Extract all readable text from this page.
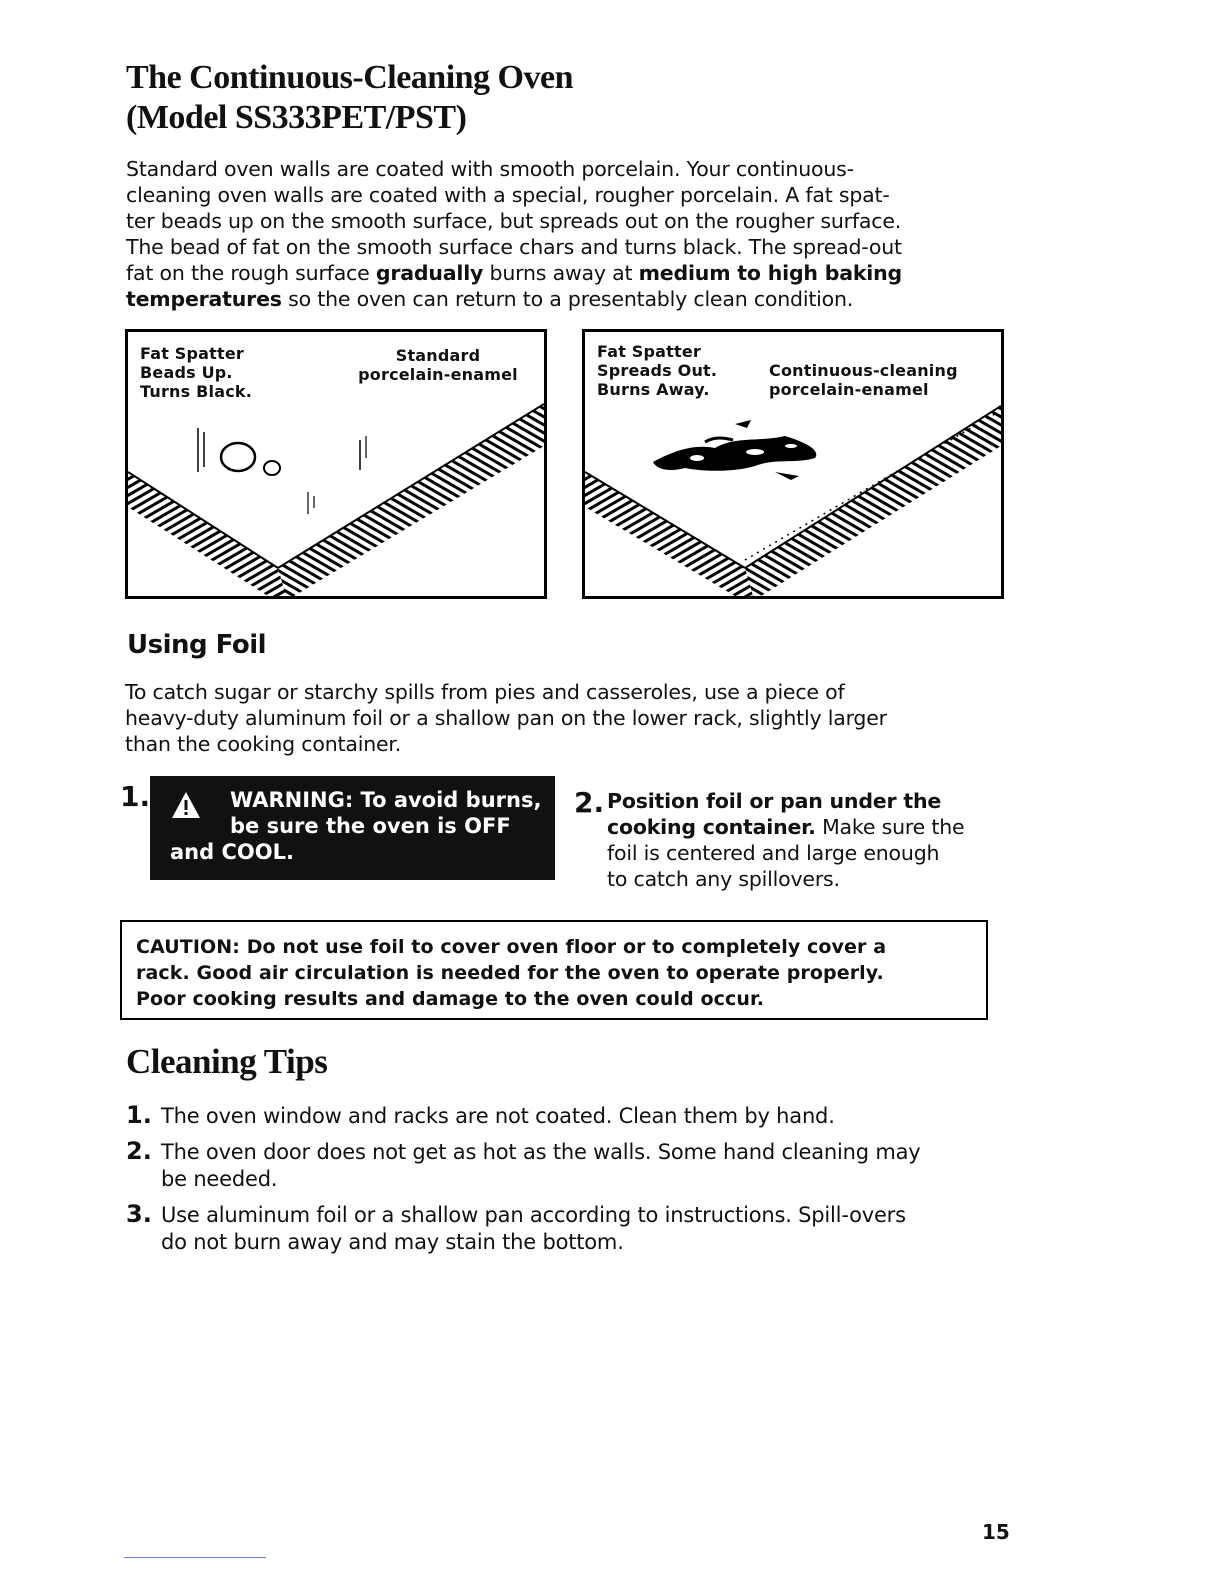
The Continuous-Cleaning Oven
(Model SS333PET/PST)
Standard oven walls are coated with smooth porcelain. Your continuous-
cleaning oven walls are coated with a special, rougher porcelain. A fat spat-
ter beads up on the smooth surface, but spreads out on the rougher surface.
The bead of fat on the smooth surface chars and turns black. The spread-out
fat on the rough surface gradually burns away at medium to high baking
temperatures so the oven can return to a presentably clean condition.
Fat Spatter
Beads Up.
Turns Black.
Standard
porcelain-enamel
Fat Spatter
Spreads Out.
Burns Away.
Continuous-cleaning
porcelain-enamel
Using Foil
To catch sugar or starchy spills from pies and casseroles, use a piece of
heavy-duty aluminum foil or a shallow pan on the lower rack, slightly larger
than the cooking container.
1.	WARNING: To avoid burns,
be sure the oven is OFF
and COOL.
2. Position foil or pan under the
cooking container. Make sure the
foil is centered and large enough
to catch any spillovers.
CAUTION: Do not use foil to cover oven floor or to completely cover a
rack. Good air circulation is needed for the oven to operate properly.
Poor cooking results and damage to the oven could occur.
Cleaning Tips
1. The oven window and racks are not coated. Clean them by hand.
2. The oven door does not get as hot as the walls. Some hand cleaning may
be needed.
3. Use aluminum foil or a shallow pan according to instructions. Spill-overs
do not burn away and may stain the bottom.
15
